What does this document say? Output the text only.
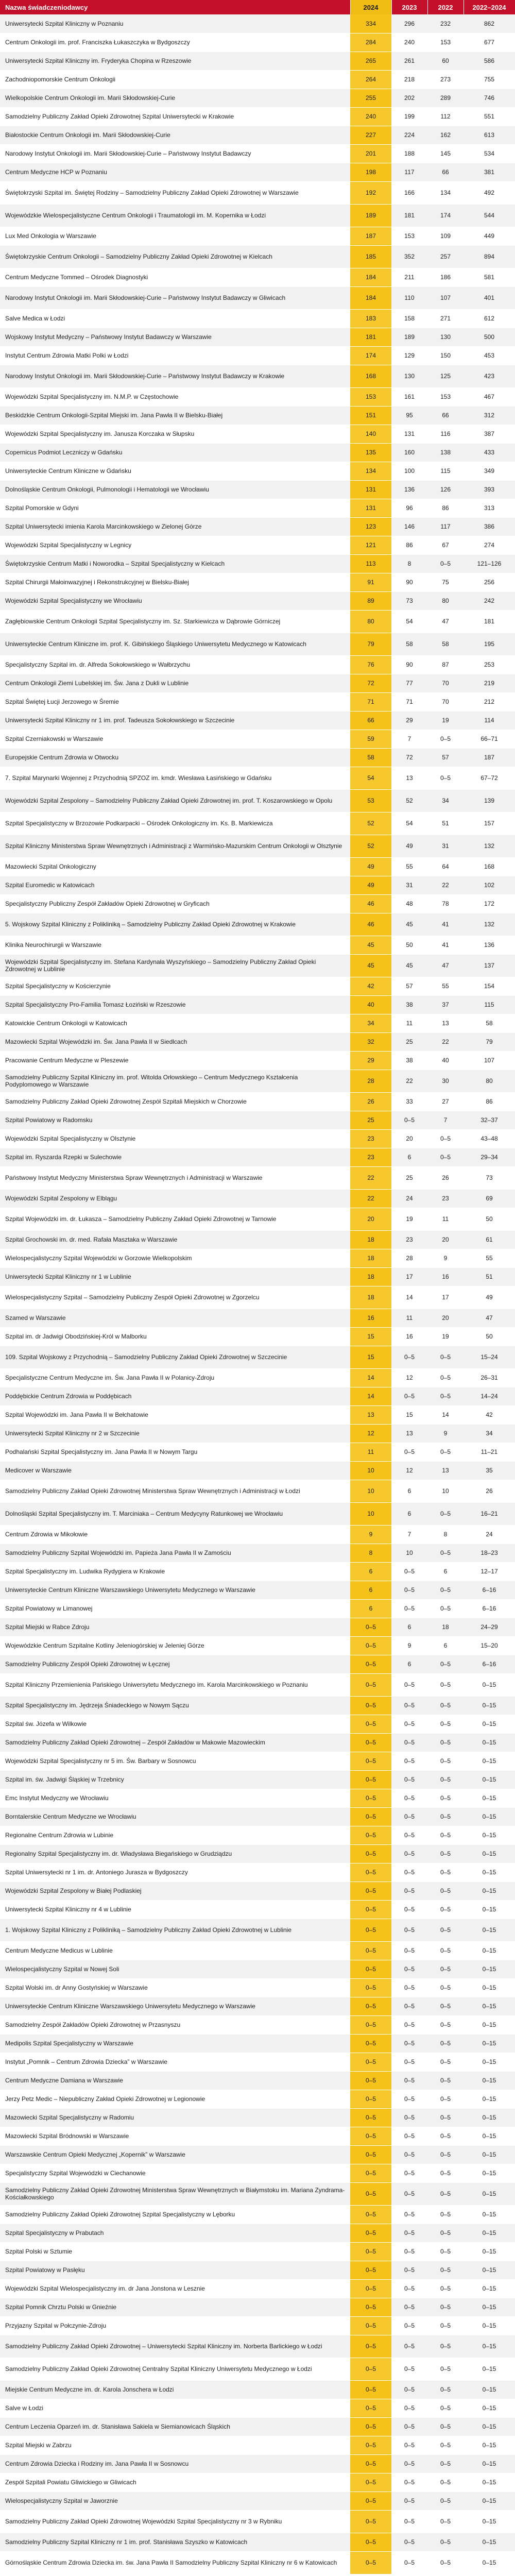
Nazwa świadczeniodawcy	2024	2023	2022	2022–2024
Uniwersytecki Szpital Kliniczny w Poznaniu	334	296	232	862
Centrum Onkologii im. prof. Franciszka Łukaszczyka w Bydgoszczy	284	240	153	677
Uniwersytecki Szpital Kliniczny im. Fryderyka Chopina w Rzeszowie	265	261	60	586
Zachodniopomorskie Centrum Onkologii	264	218	273	755
Wielkopolskie Centrum Onkologii im. Marii Skłodowskiej-Curie	255	202	289	746
Samodzielny Publiczny Zakład Opieki Zdrowotnej Szpital Uniwersytecki w Krakowie	240	199	112	551
Białostockie Centrum Onkologii im. Marii Skłodowskiej-Curie	227	224	162	613
Narodowy Instytut Onkologii im. Marii Skłodowskiej-Curie – Państwowy Instytut Badawczy	201	188	145	534
Centrum Medyczne HCP w Poznaniu	198	117	66	381
Świętokrzyski Szpital im. Świętej Rodziny – Samodzielny Publiczny Zakład Opieki Zdrowotnej w Warszawie	192	166	134	492
Wojewódzkie Wielospecjalistyczne Centrum Onkologii i Traumatologii im. M. Kopernika w Łodzi	189	181	174	544
Lux Med Onkologia w Warszawie	187	153	109	449
Świętokrzyskie Centrum Onkologii – Samodzielny Publiczny Zakład Opieki Zdrowotnej w Kielcach	185	352	257	894
Centrum Medyczne Tommed – Ośrodek Diagnostyki	184	211	186	581
Narodowy Instytut Onkologii im. Marii Skłodowskiej-Curie – Państwowy Instytut Badawczy w Gliwicach	184	110	107	401
Salve Medica w Łodzi	183	158	271	612
Wojskowy Instytut Medyczny – Państwowy Instytut Badawczy w Warszawie	181	189	130	500
Instytut Centrum Zdrowia Matki Polki w Łodzi	174	129	150	453
Narodowy Instytut Onkologii im. Marii Skłodowskiej-Curie – Państwowy Instytut Badawczy w Krakowie	168	130	125	423
Wojewódzki Szpital Specjalistyczny im. N.M.P. w Częstochowie	153	161	153	467
Beskidzkie Centrum Onkologii-Szpital Miejski im. Jana Pawła II w Bielsku-Białej	151	95	66	312
Wojewódzki Szpital Specjalistyczny im. Janusza Korczaka w Słupsku	140	131	116	387
Copernicus Podmiot Leczniczy w Gdańsku	135	160	138	433
Uniwersyteckie Centrum Kliniczne w Gdańsku	134	100	115	349
Dolnośląskie Centrum Onkologii, Pulmonologii i Hematologii we Wrocławiu	131	136	126	393
Szpital Pomorskie w Gdyni	131	96	86	313
Szpital Uniwersytecki imienia Karola Marcinkowskiego w Zielonej Górze	123	146	117	386
Wojewódzki Szpital Specjalistyczny w Legnicy	121	86	67	274
Świętokrzyskie Centrum Matki i Noworodka – Szpital Specjalistyczny w Kielcach	113	8	0–5	121–126
Szpital Chirurgii Małoinwazyjnej i Rekonstrukcyjnej w Bielsku-Białej	91	90	75	256
Wojewódzki Szpital Specjalistyczny we Wrocławiu	89	73	80	242
Zagłębiowskie Centrum Onkologii Szpital Specjalistyczny im. Sz. Starkiewicza w Dąbrowie Górniczej	80	54	47	181
Uniwersyteckie Centrum Kliniczne im. prof. K. Gibińskiego Śląskiego Uniwersytetu Medycznego w Katowicach	79	58	58	195
Specjalistyczny Szpital im. dr. Alfreda Sokołowskiego w Wałbrzychu	76	90	87	253
Centrum Onkologii Ziemi Lubelskiej im. Św. Jana z Dukli w Lublinie	72	77	70	219
Szpital Świętej Łucji Jerzowego w Śremie	71	71	70	212
Uniwersytecki Szpital Kliniczny nr 1 im. prof. Tadeusza Sokołowskiego w Szczecinie	66	29	19	114
Szpital Czerniakowski w Warszawie	59	7	0–5	66–71
Europejskie Centrum Zdrowia w Otwocku	58	72	57	187
7. Szpital Marynarki Wojennej z Przychodnią SPZOZ im. kmdr. Wiesława Łasińskiego w Gdańsku	54	13	0–5	67–72
Wojewódzki Szpital Zespolony – Samodzielny Publiczny Zakład Opieki Zdrowotnej im. prof. T. Koszarowskiego w Opolu	53	52	34	139
Szpital Specjalistyczny w Brzozowie Podkarpacki – Ośrodek Onkologiczny im. Ks. B. Markiewicza	52	54	51	157
Szpital Kliniczny Ministerstwa Spraw Wewnętrznych i Administracji z Warmińsko-Mazurskim Centrum Onkologii w Olsztynie	52	49	31	132
Mazowiecki Szpital Onkologiczny	49	55	64	168
Szpital Euromedic w Katowicach	49	31	22	102
Specjalistyczny Publiczny Zespół Zakładów Opieki Zdrowotnej w Gryficach	46	48	78	172
5. Wojskowy Szpital Kliniczny z Polikliniką – Samodzielny Publiczny Zakład Opieki Zdrowotnej w Krakowie	46	45	41	132
Klinika Neurochirurgii w Warszawie	45	50	41	136
Wojewódzki Szpital Specjalistyczny im. Stefana Kardynała Wyszyńskiego – Samodzielny Publiczny Zakład Opieki Zdrowotnej w Lublinie	45	45	47	137
Szpital Specjalistyczny w Kościerzynie	42	57	55	154
Szpital Specjalistyczny Pro-Familia Tomasz Łoziński w Rzeszowie	40	38	37	115
Katowickie Centrum Onkologii w Katowicach	34	11	13	58
Mazowiecki Szpital Wojewódzki im. Św. Jana Pawła II w Siedlcach	32	25	22	79
Pracowanie Centrum Medyczne w Pleszewie	29	38	40	107
Samodzielny Publiczny Szpital Kliniczny im. prof. Witolda Orłowskiego – Centrum Medycznego Kształcenia Podyplomowego w Warszawie	28	22	30	80
Samodzielny Publiczny Zakład Opieki Zdrowotnej Zespół Szpitali Miejskich w Chorzowie	26	33	27	86
Szpital Powiatowy w Radomsku	25	0–5	7	32–37
Wojewódzki Szpital Specjalistyczny w Olsztynie	23	20	0–5	43–48
Szpital im. Ryszarda Rzepki w Sulechowie	23	6	0–5	29–34
Państwowy Instytut Medyczny Ministerstwa Spraw Wewnętrznych i Administracji w Warszawie	22	25	26	73
Wojewódzki Szpital Zespolony w Elblągu	22	24	23	69
Szpital Wojewódzki im. dr. Łukasza – Samodzielny Publiczny Zakład Opieki Zdrowotnej w Tarnowie	20	19	11	50
Szpital Grochowski im. dr. med. Rafała Masztaka w Warszawie	18	23	20	61
Wielospecjalistyczny Szpital Wojewódzki w Gorzowie Wielkopolskim	18	28	9	55
Uniwersytecki Szpital Kliniczny nr 1 w Lublinie	18	17	16	51
Wielospecjalistyczny Szpital – Samodzielny Publiczny Zespół Opieki Zdrowotnej w Zgorzelcu	18	14	17	49
Szamed w Warszawie	16	11	20	47
Szpital im. dr Jadwigi Obodzińskiej-Król w Malborku	15	16	19	50
109. Szpital Wojskowy z Przychodnią – Samodzielny Publiczny Zakład Opieki Zdrowotnej w Szczecinie	15	0–5	0–5	15–24
Specjalistyczne Centrum Medyczne im. Św. Jana Pawła II w Polanicy-Zdroju	14	12	0–5	26–31
Poddębickie Centrum Zdrowia w Poddębicach	14	0–5	0–5	14–24
Szpital Wojewódzki im. Jana Pawła II w Bełchatowie	13	15	14	42
Uniwersytecki Szpital Kliniczny nr 2 w Szczecinie	12	13	9	34
Podhalański Szpital Specjalistyczny im. Jana Pawła II w Nowym Targu	11	0–5	0–5	11–21
Medicover w Warszawie	10	12	13	35
Samodzielny Publiczny Zakład Opieki Zdrowotnej Ministerstwa Spraw Wewnętrznych i Administracji w Łodzi	10	6	10	26
Dolnośląski Szpital Specjalistyczny im. T. Marciniaka – Centrum Medycyny Ratunkowej we Wrocławiu	10	6	0–5	16–21
Centrum Zdrowia w Mikołowie	9	7	8	24
Samodzielny Publiczny Szpital Wojewódzki im. Papieża Jana Pawła II w Zamościu	8	10	0–5	18–23
Szpital Specjalistyczny im. Ludwika Rydygiera w Krakowie	6	0–5	6	12–17
Uniwersyteckie Centrum Kliniczne Warszawskiego Uniwersytetu Medycznego w Warszawie	6	0–5	0–5	6–16
Szpital Powiatowy w Limanowej	6	0–5	0–5	6–16
Szpital Miejski w Rabce Zdroju	0–5	6	18	24–29
Wojewódzkie Centrum Szpitalne Kotliny Jeleniogórskiej w Jeleniej Górze	0–5	9	6	15–20
Samodzielny Publiczny Zespół Opieki Zdrowotnej w Łęcznej	0–5	6	0–5	6–16
Szpital Kliniczny Przemienienia Pańskiego Uniwersytetu Medycznego im. Karola Marcinkowskiego w Poznaniu	0–5	0–5	0–5	0–15
Szpital Specjalistyczny im. Jędrzeja Śniadeckiego w Nowym Sączu	0–5	0–5	0–5	0–15
Szpital św. Józefa w Wilkowie	0–5	0–5	0–5	0–15
Samodzielny Publiczny Zakład Opieki Zdrowotnej – Zespół Zakładów w Makowie Mazowieckim	0–5	0–5	0–5	0–15
Wojewódzki Szpital Specjalistyczny nr 5 im. Św. Barbary w Sosnowcu	0–5	0–5	0–5	0–15
Szpital im. św. Jadwigi Śląskiej w Trzebnicy	0–5	0–5	0–5	0–15
Emc Instytut Medyczny we Wrocławiu	0–5	0–5	0–5	0–15
Borntalerskie Centrum Medyczne we Wrocławiu	0–5	0–5	0–5	0–15
Regionalne Centrum Zdrowia w Lubinie	0–5	0–5	0–5	0–15
Regionalny Szpital Specjalistyczny im. dr. Władysława Biegańskiego w Grudziądzu	0–5	0–5	0–5	0–15
Szpital Uniwersytecki nr 1 im. dr. Antoniego Jurasza w Bydgoszczy	0–5	0–5	0–5	0–15
Wojewódzki Szpital Zespolony w Białej Podlaskiej	0–5	0–5	0–5	0–15
Uniwersytecki Szpital Kliniczny nr 4 w Lublinie	0–5	0–5	0–5	0–15
1. Wojskowy Szpital Kliniczny z Polikliniką – Samodzielny Publiczny Zakład Opieki Zdrowotnej w Lublinie	0–5	0–5	0–5	0–15
Centrum Medyczne Medicus w Lublinie	0–5	0–5	0–5	0–15
Wielospecjalistyczny Szpital w Nowej Soli	0–5	0–5	0–5	0–15
Szpital Wolski im. dr Anny Gostyńskiej w Warszawie	0–5	0–5	0–5	0–15
Uniwersyteckie Centrum Kliniczne Warszawskiego Uniwersytetu Medycznego w Warszawie	0–5	0–5	0–5	0–15
Samodzielny Zespół Zakładów Opieki Zdrowotnej w Przasnyszu	0–5	0–5	0–5	0–15
Medipolis Szpital Specjalistyczny w Warszawie	0–5	0–5	0–5	0–15
Instytut „Pomnik – Centrum Zdrowia Dziecka” w Warszawie	0–5	0–5	0–5	0–15
Centrum Medyczne Damiana w Warszawie	0–5	0–5	0–5	0–15
Jerzy Petz Medic – Niepubliczny Zakład Opieki Zdrowotnej w Legionowie	0–5	0–5	0–5	0–15
Mazowiecki Szpital Specjalistyczny w Radomiu	0–5	0–5	0–5	0–15
Mazowiecki Szpital Bródnowski w Warszawie	0–5	0–5	0–5	0–15
Warszawskie Centrum Opieki Medycznej „Kopernik” w Warszawie	0–5	0–5	0–5	0–15
Specjalistyczny Szpital Wojewódzki w Ciechanowie	0–5	0–5	0–5	0–15
Samodzielny Publiczny Zakład Opieki Zdrowotnej Ministerstwa Spraw Wewnętrznych w Białymstoku im. Mariana Zyndrama-Kościałkowskiego	0–5	0–5	0–5	0–15
Samodzielny Publiczny Zakład Opieki Zdrowotnej Szpital Specjalistyczny w Lęborku	0–5	0–5	0–5	0–15
Szpital Specjalistyczny w Prabutach	0–5	0–5	0–5	0–15
Szpital Polski w Sztumie	0–5	0–5	0–5	0–15
Szpital Powiatowy w Pasłęku	0–5	0–5	0–5	0–15
Wojewódzki Szpital Wielospecjalistyczny im. dr Jana Jonstona w Lesznie	0–5	0–5	0–5	0–15
Szpital Pomnik Chrztu Polski w Gnieźnie	0–5	0–5	0–5	0–15
Przyjazny Szpital w Połczynie-Zdroju	0–5	0–5	0–5	0–15
Samodzielny Publiczny Zakład Opieki Zdrowotnej – Uniwersytecki Szpital Kliniczny im. Norberta Barlickiego w Łodzi	0–5	0–5	0–5	0–15
Samodzielny Publiczny Zakład Opieki Zdrowotnej Centralny Szpital Kliniczny Uniwersytetu Medycznego w Łodzi	0–5	0–5	0–5	0–15
Miejskie Centrum Medyczne im. dr. Karola Jonschera w Łodzi	0–5	0–5	0–5	0–15
Salve w Łodzi	0–5	0–5	0–5	0–15
Centrum Leczenia Oparzeń im. dr. Stanisława Sakiela w Siemianowicach Śląskich	0–5	0–5	0–5	0–15
Szpital Miejski w Zabrzu	0–5	0–5	0–5	0–15
Centrum Zdrowia Dziecka i Rodziny im. Jana Pawła II w Sosnowcu	0–5	0–5	0–5	0–15
Zespół Szpitali Powiatu Gliwickiego w Gliwicach	0–5	0–5	0–5	0–15
Wielospecjalistyczny Szpital w Jaworznie	0–5	0–5	0–5	0–15
Samodzielny Publiczny Zakład Opieki Zdrowotnej Wojewódzki Szpital Specjalistyczny nr 3 w Rybniku	0–5	0–5	0–5	0–15
Samodzielny Publiczny Szpital Kliniczny nr 1 im. prof. Stanisława Szyszko w Katowicach	0–5	0–5	0–5	0–15
Górnośląskie Centrum Zdrowia Dziecka im. św. Jana Pawła II Samodzielny Publiczny Szpital Kliniczny nr 6 w Katowicach	0–5	0–5	0–5	0–15
